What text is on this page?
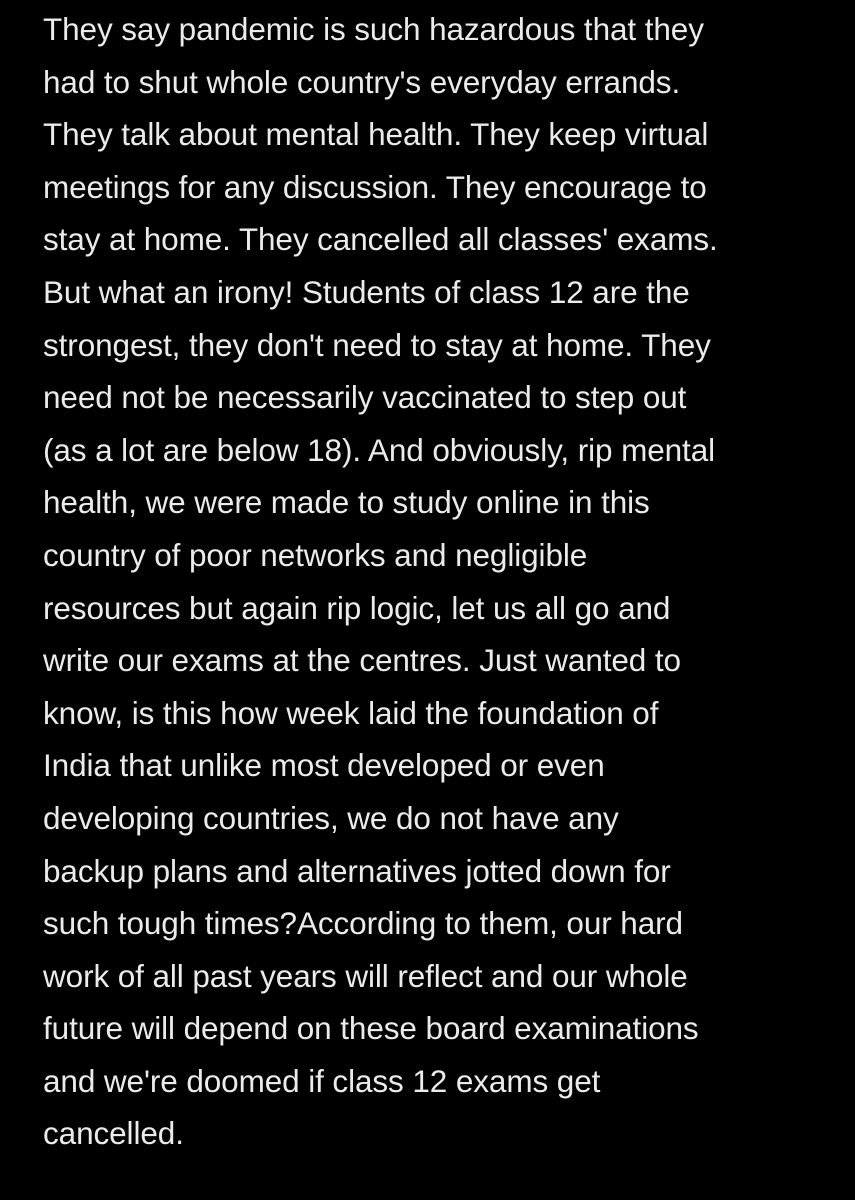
They say pandemic is such hazardous that they
had to shut whole country's everyday errands.
They talk about mental health. They keep virtual
meetings for any discussion. They encourage to
stay at home. They cancelled all classes' exams.
But what an irony! Students of class 12 are the
strongest, they don't need to stay at home. They
need not be necessarily vaccinated to step out
(as a lot are below 18). And obviously, rip mental
health, we were made to study online in this
country of poor networks and negligible
resources but again rip logic, let us all go and
write our exams at the centres. Just wanted to
know, is this how week laid the foundation of
India that unlike most developed or even
developing countries, we do not have any
backup plans and alternatives jotted down for
such tough times?According to them, our hard
work of all past years will reflect and our whole
future will depend on these board examinations
and we're doomed if class 12 exams get
cancelled.
